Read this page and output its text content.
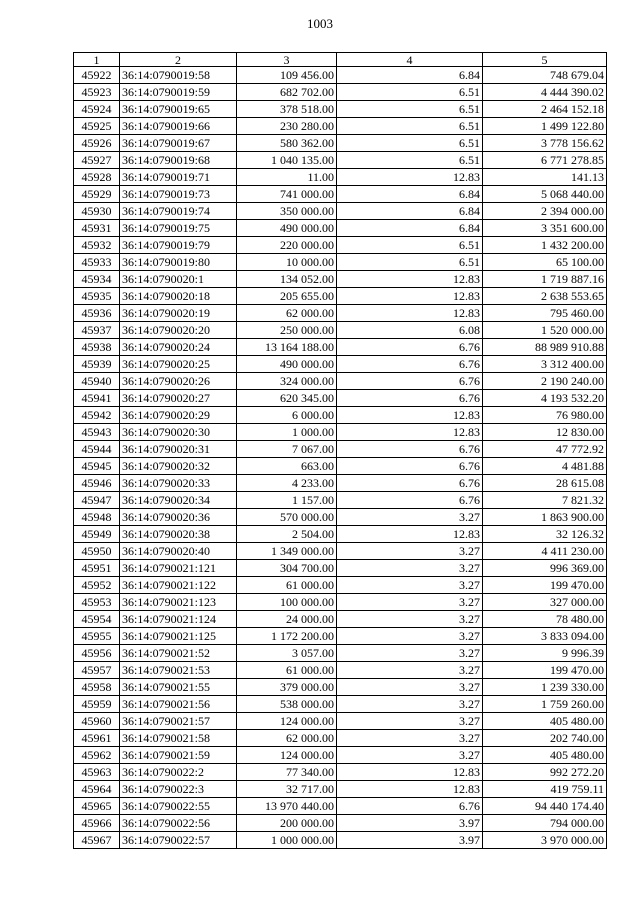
1003
1	2	3	4	5
45922	36:14:0790019:58	109 456.00	6.84	748 679.04
45923	36:14:0790019:59	682 702.00	6.51	4 444 390.02
45924	36:14:0790019:65	378 518.00	6.51	2 464 152.18
45925	36:14:0790019:66	230 280.00	6.51	1 499 122.80
45926	36:14:0790019:67	580 362.00	6.51	3 778 156.62
45927	36:14:0790019:68	1 040 135.00	6.51	6 771 278.85
45928	36:14:0790019:71	11.00	12.83	141.13
45929	36:14:0790019:73	741 000.00	6.84	5 068 440.00
45930	36:14:0790019:74	350 000.00	6.84	2 394 000.00
45931	36:14:0790019:75	490 000.00	6.84	3 351 600.00
45932	36:14:0790019:79	220 000.00	6.51	1 432 200.00
45933	36:14:0790019:80	10 000.00	6.51	65 100.00
45934	36:14:0790020:1	134 052.00	12.83	1 719 887.16
45935	36:14:0790020:18	205 655.00	12.83	2 638 553.65
45936	36:14:0790020:19	62 000.00	12.83	795 460.00
45937	36:14:0790020:20	250 000.00	6.08	1 520 000.00
45938	36:14:0790020:24	13 164 188.00	6.76	88 989 910.88
45939	36:14:0790020:25	490 000.00	6.76	3 312 400.00
45940	36:14:0790020:26	324 000.00	6.76	2 190 240.00
45941	36:14:0790020:27	620 345.00	6.76	4 193 532.20
45942	36:14:0790020:29	6 000.00	12.83	76 980.00
45943	36:14:0790020:30	1 000.00	12.83	12 830.00
45944	36:14:0790020:31	7 067.00	6.76	47 772.92
45945	36:14:0790020:32	663.00	6.76	4 481.88
45946	36:14:0790020:33	4 233.00	6.76	28 615.08
45947	36:14:0790020:34	1 157.00	6.76	7 821.32
45948	36:14:0790020:36	570 000.00	3.27	1 863 900.00
45949	36:14:0790020:38	2 504.00	12.83	32 126.32
45950	36:14:0790020:40	1 349 000.00	3.27	4 411 230.00
45951	36:14:0790021:121	304 700.00	3.27	996 369.00
45952	36:14:0790021:122	61 000.00	3.27	199 470.00
45953	36:14:0790021:123	100 000.00	3.27	327 000.00
45954	36:14:0790021:124	24 000.00	3.27	78 480.00
45955	36:14:0790021:125	1 172 200.00	3.27	3 833 094.00
45956	36:14:0790021:52	3 057.00	3.27	9 996.39
45957	36:14:0790021:53	61 000.00	3.27	199 470.00
45958	36:14:0790021:55	379 000.00	3.27	1 239 330.00
45959	36:14:0790021:56	538 000.00	3.27	1 759 260.00
45960	36:14:0790021:57	124 000.00	3.27	405 480.00
45961	36:14:0790021:58	62 000.00	3.27	202 740.00
45962	36:14:0790021:59	124 000.00	3.27	405 480.00
45963	36:14:0790022:2	77 340.00	12.83	992 272.20
45964	36:14:0790022:3	32 717.00	12.83	419 759.11
45965	36:14:0790022:55	13 970 440.00	6.76	94 440 174.40
45966	36:14:0790022:56	200 000.00	3.97	794 000.00
45967	36:14:0790022:57	1 000 000.00	3.97	3 970 000.00
